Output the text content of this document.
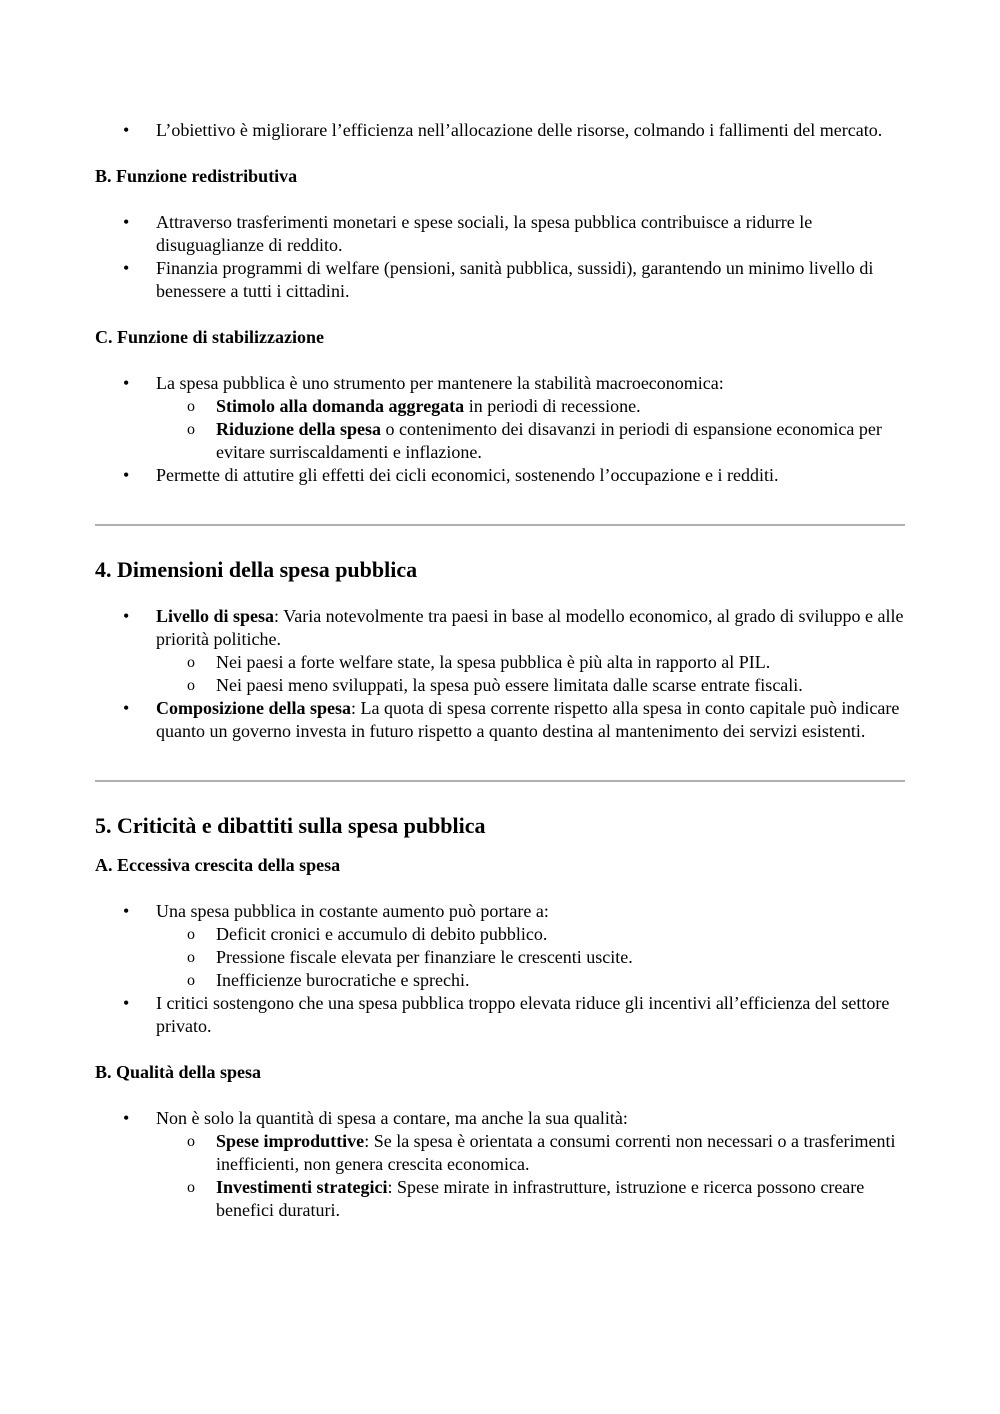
• L’obiettivo è migliorare l’efficienza nell’allocazione delle risorse, colmando i fallimenti del mercato.
B. Funzione redistributiva
• Attraverso trasferimenti monetari e spese sociali, la spesa pubblica contribuisce a ridurre le disuguaglianze di reddito.
• Finanzia programmi di welfare (pensioni, sanità pubblica, sussidi), garantendo un minimo livello di benessere a tutti i cittadini.
C. Funzione di stabilizzazione
• La spesa pubblica è uno strumento per mantenere la stabilità macroeconomica:
o Stimolo alla domanda aggregata in periodi di recessione.
o Riduzione della spesa o contenimento dei disavanzi in periodi di espansione economica per evitare surriscaldamenti e inflazione.
• Permette di attutire gli effetti dei cicli economici, sostenendo l’occupazione e i redditi.
4. Dimensioni della spesa pubblica
• Livello di spesa: Varia notevolmente tra paesi in base al modello economico, al grado di sviluppo e alle priorità politiche.
o Nei paesi a forte welfare state, la spesa pubblica è più alta in rapporto al PIL.
o Nei paesi meno sviluppati, la spesa può essere limitata dalle scarse entrate fiscali.
• Composizione della spesa: La quota di spesa corrente rispetto alla spesa in conto capitale può indicare quanto un governo investa in futuro rispetto a quanto destina al mantenimento dei servizi esistenti.
5. Criticità e dibattiti sulla spesa pubblica
A. Eccessiva crescita della spesa
• Una spesa pubblica in costante aumento può portare a:
o Deficit cronici e accumulo di debito pubblico.
o Pressione fiscale elevata per finanziare le crescenti uscite.
o Inefficienze burocratiche e sprechi.
• I critici sostengono che una spesa pubblica troppo elevata riduce gli incentivi all’efficienza del settore privato.
B. Qualità della spesa
• Non è solo la quantità di spesa a contare, ma anche la sua qualità:
o Spese improduttive: Se la spesa è orientata a consumi correnti non necessari o a trasferimenti inefficienti, non genera crescita economica.
o Investimenti strategici: Spese mirate in infrastrutture, istruzione e ricerca possono creare benefici duraturi.
